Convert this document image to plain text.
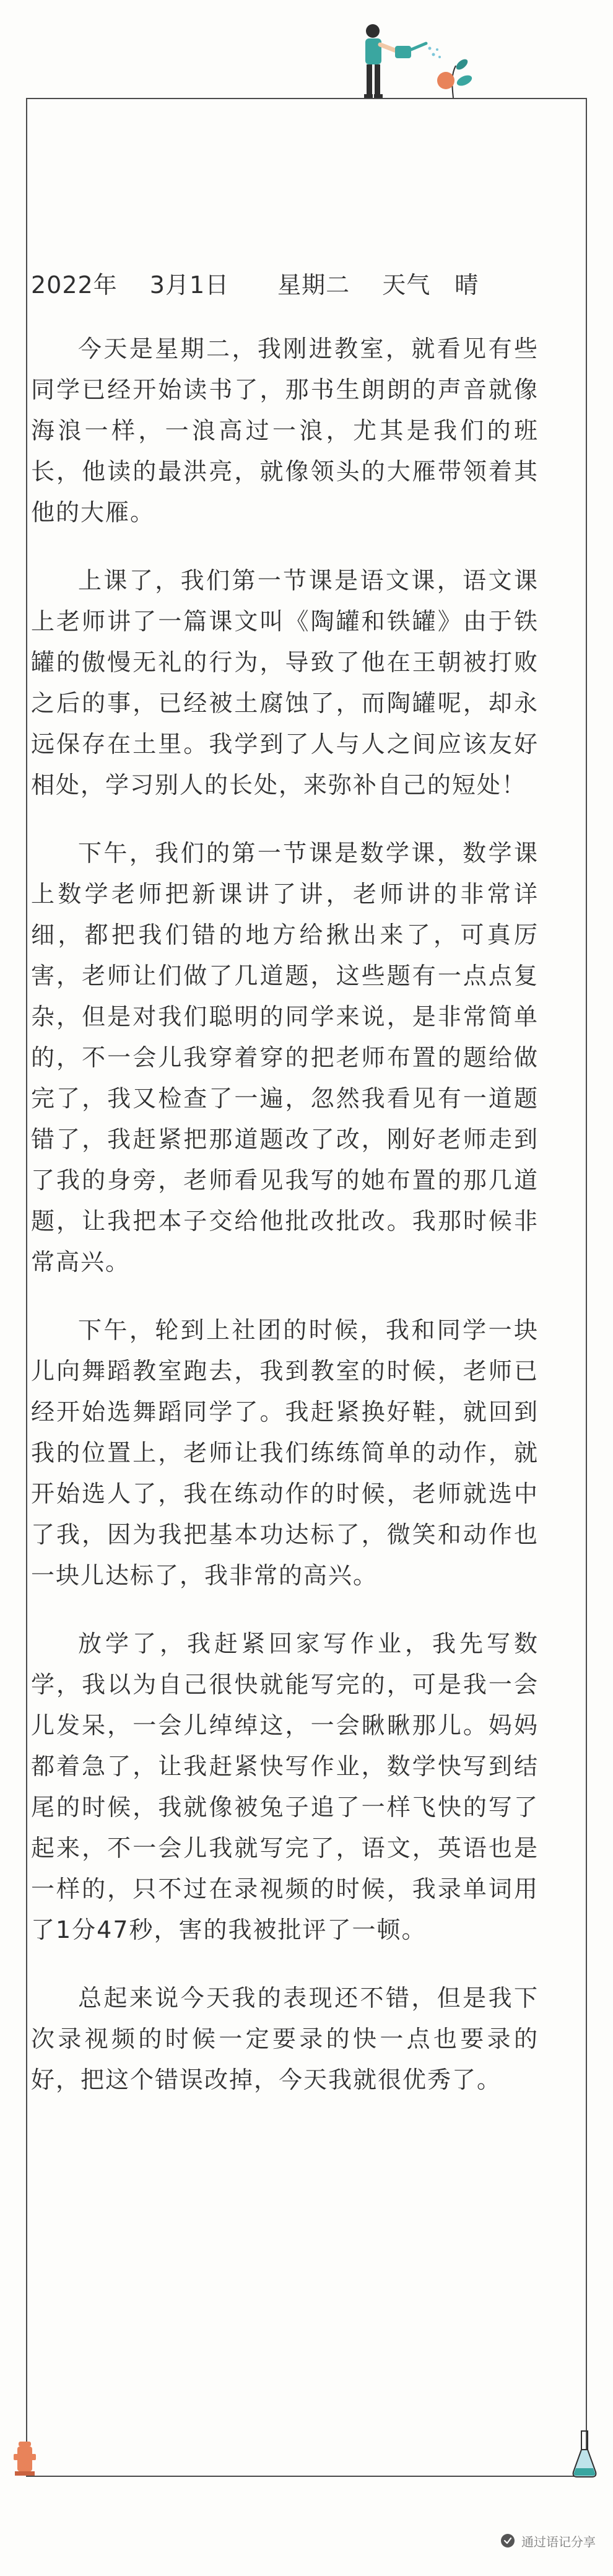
2022年　 3月1日　　星期二　 天气　晴

今天是星期二，我刚进教室，就看见有些同学已经开始读书了，那书生朗朗的声音就像海浪一样，一浪高过一浪，尤其是我们的班长，他读的最洪亮，就像领头的大雁带领着其他的大雁。

上课了，我们第一节课是语文课，语文课上老师讲了一篇课文叫《陶罐和铁罐》由于铁罐的傲慢无礼的行为，导致了他在王朝被打败之后的事，已经被土腐蚀了，而陶罐呢，却永远保存在土里。我学到了人与人之间应该友好相处，学习别人的长处，来弥补自己的短处！

下午，我们的第一节课是数学课，数学课上数学老师把新课讲了讲，老师讲的非常详细，都把我们错的地方给揪出来了，可真厉害，老师让们做了几道题，这些题有一点点复杂，但是对我们聪明的同学来说，是非常简单的，不一会儿我穿着穿的把老师布置的题给做完了，我又检查了一遍，忽然我看见有一道题错了，我赶紧把那道题改了改，刚好老师走到了我的身旁，老师看见我写的她布置的那几道题，让我把本子交给他批改批改。我那时候非常高兴。

下午，轮到上社团的时候，我和同学一块儿向舞蹈教室跑去，我到教室的时候，老师已经开始选舞蹈同学了。我赶紧换好鞋，就回到我的位置上，老师让我们练练简单的动作，就开始选人了，我在练动作的时候，老师就选中了我，因为我把基本功达标了，微笑和动作也一块儿达标了，我非常的高兴。

放学了，我赶紧回家写作业，我先写数学，我以为自己很快就能写完的，可是我一会儿发呆，一会儿绰绰这，一会瞅瞅那儿。妈妈都着急了，让我赶紧快写作业，数学快写到结尾的时候，我就像被兔子追了一样飞快的写了起来，不一会儿我就写完了，语文，英语也是一样的，只不过在录视频的时候，我录单词用了1分47秒，害的我被批评了一顿。

总起来说今天我的表现还不错，但是我下次录视频的时候一定要录的快一点也要录的好，把这个错误改掉，今天我就很优秀了。

通过语记分享
